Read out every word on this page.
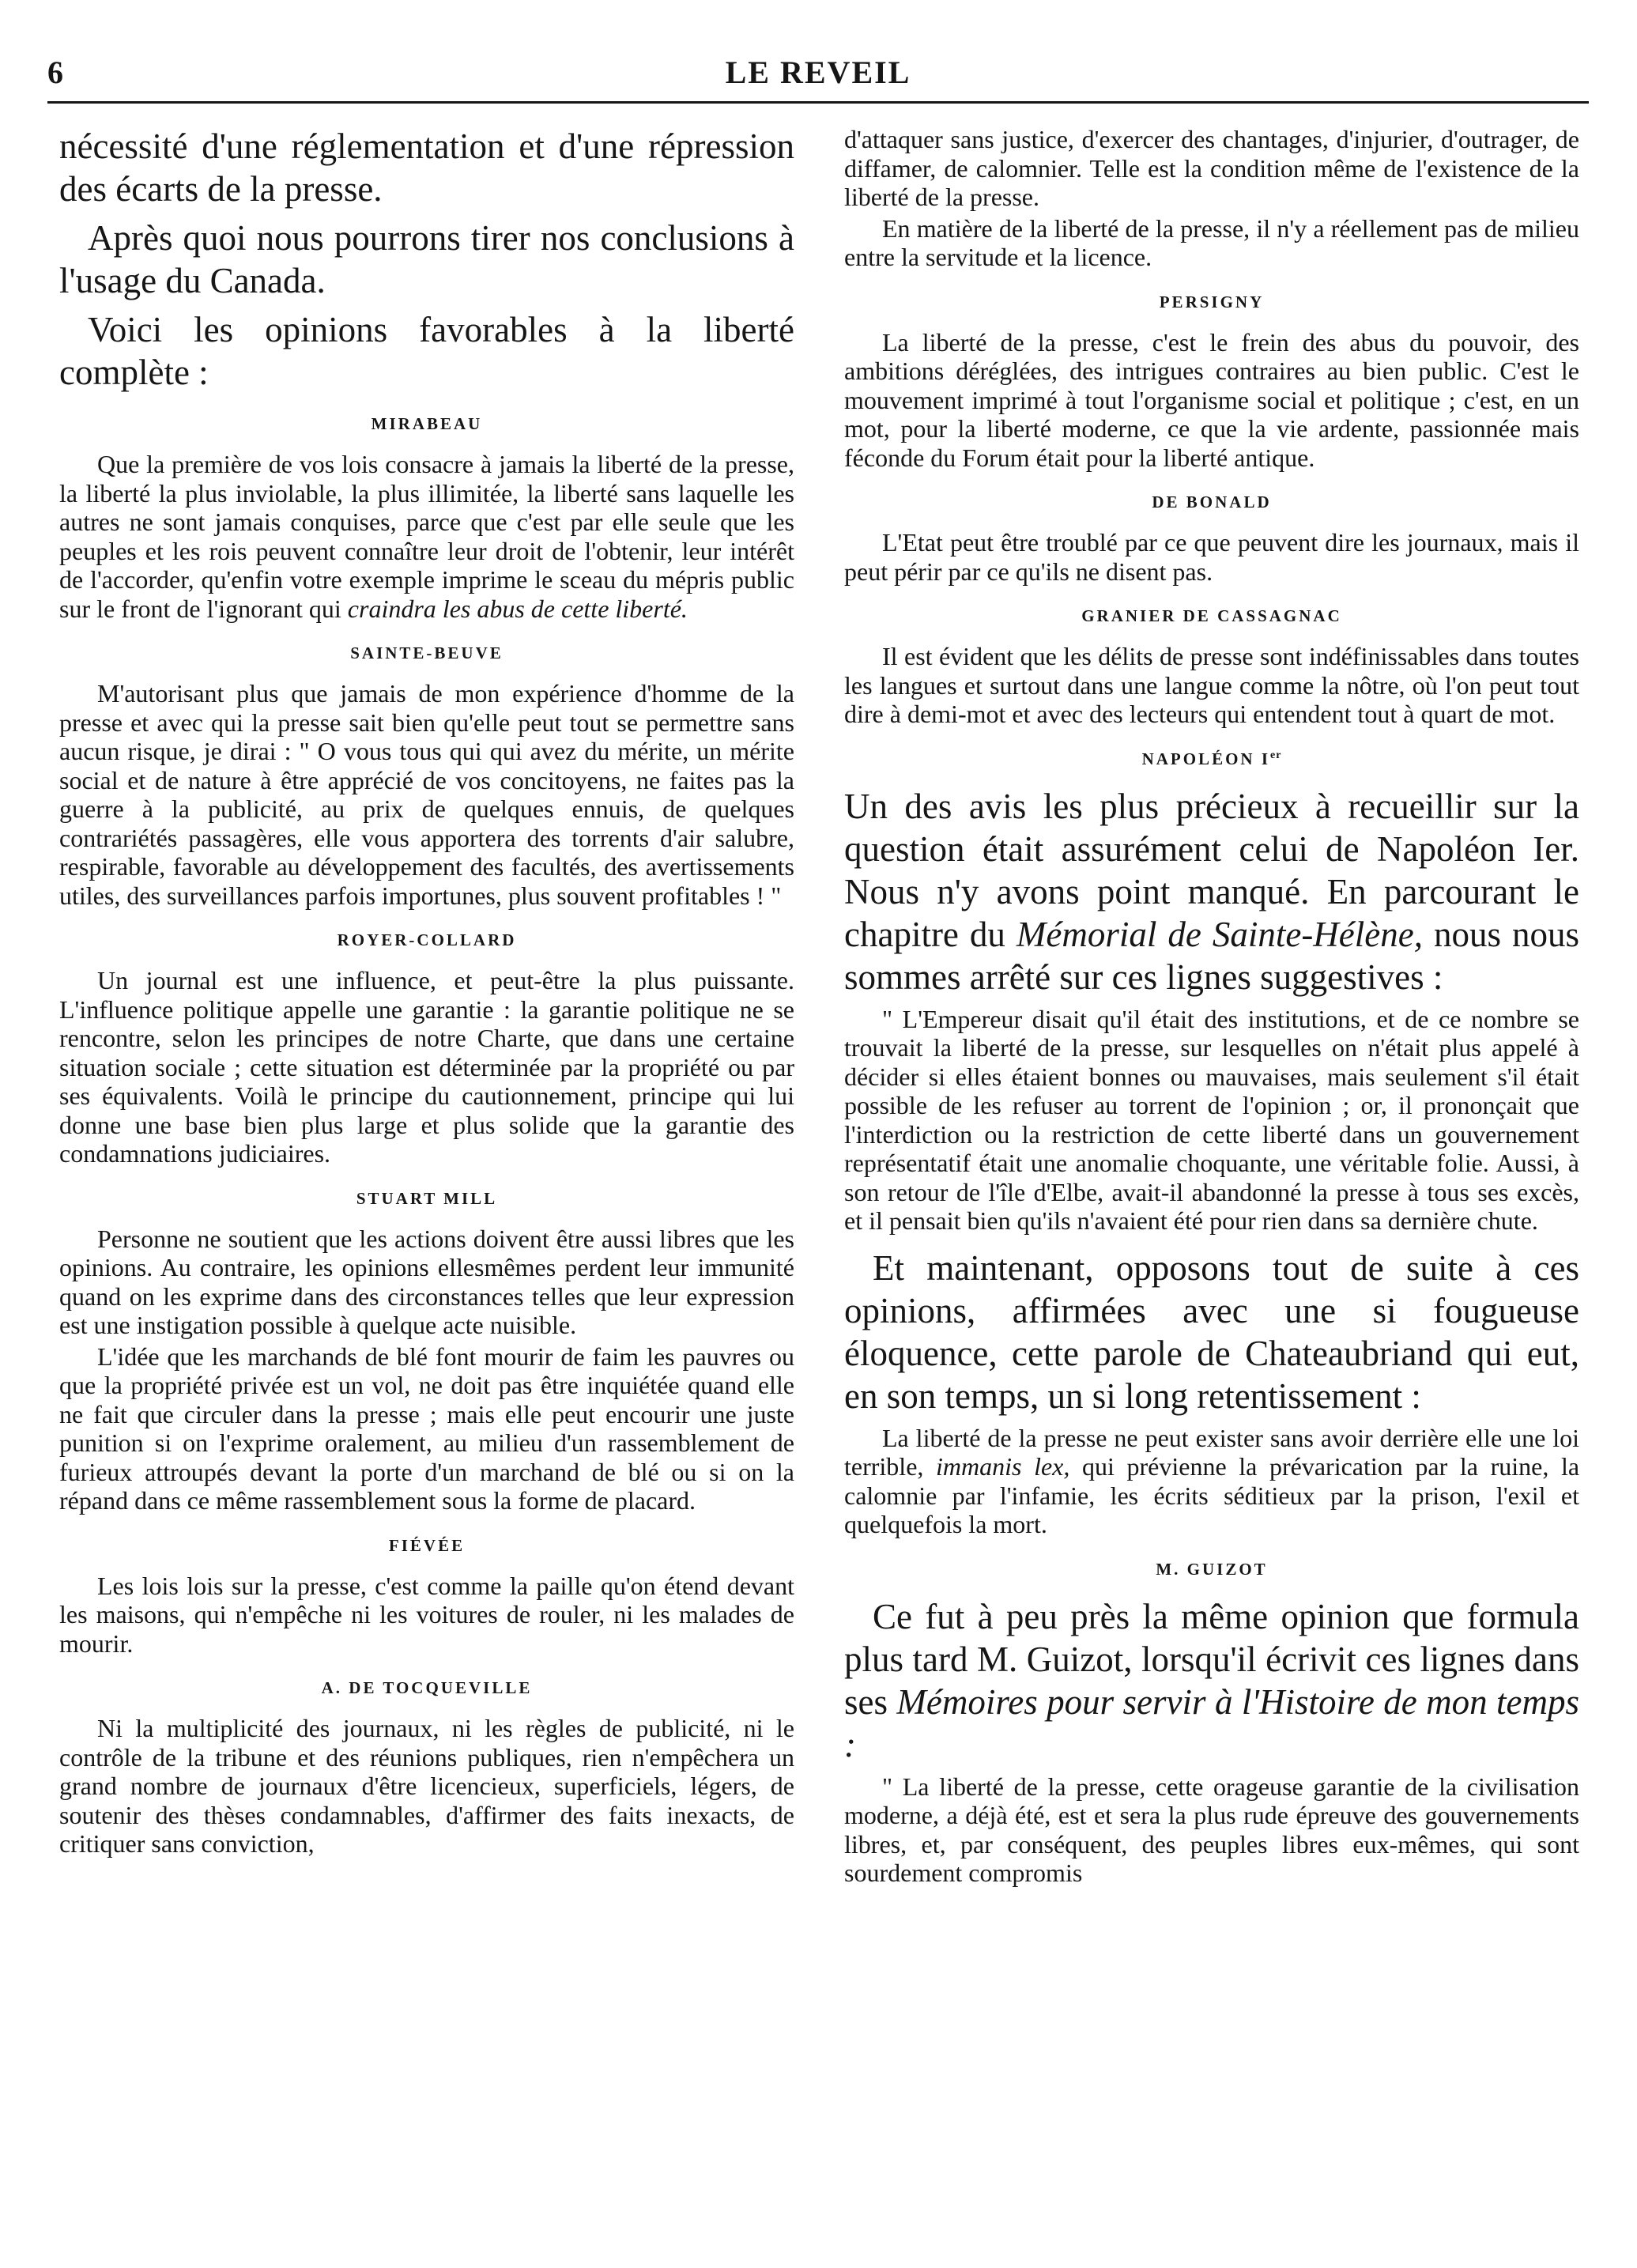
6	LE REVEIL

nécessité d'une réglementation et d'une répression des écarts de la presse.

Après quoi nous pourrons tirer nos conclusions à l'usage du Canada.

Voici les opinions favorables à la liberté complète :

MIRABEAU

Que la première de vos lois consacre à jamais la liberté de la presse, la liberté la plus inviolable, la plus illimitée, la liberté sans laquelle les autres ne sont jamais conquises, parce que c'est par elle seule que les peuples et les rois peuvent connaître leur droit de l'obtenir, leur intérêt de l'accorder, qu'enfin votre exemple imprime le sceau du mépris public sur le front de l'ignorant qui craindra les abus de cette liberté.

SAINTE-BEUVE

M'autorisant plus que jamais de mon expérience d'homme de la presse et avec qui la presse sait bien qu'elle peut tout se permettre sans aucun risque, je dirai : " O vous tous qui qui avez du mérite, un mérite social et de nature à être apprécié de vos concitoyens, ne faites pas la guerre à la publicité, au prix de quelques ennuis, de quelques contrariétés passagères, elle vous apportera des torrents d'air salubre, respirable, favorable au développement des facultés, des avertissements utiles, des surveillances parfois importunes, plus souvent profitables ! "

ROYER-COLLARD

Un journal est une influence, et peut-être la plus puissante. L'influence politique appelle une garantie : la garantie politique ne se rencontre, selon les principes de notre Charte, que dans une certaine situation sociale ; cette situation est déterminée par la propriété ou par ses équivalents. Voilà le principe du cautionnement, principe qui lui donne une base bien plus large et plus solide que la garantie des condamnations judiciaires.

STUART MILL

Personne ne soutient que les actions doivent être aussi libres que les opinions. Au contraire, les opinions ellesmêmes perdent leur immunité quand on les exprime dans des circonstances telles que leur expression est une instigation possible à quelque acte nuisible.

L'idée que les marchands de blé font mourir de faim les pauvres ou que la propriété privée est un vol, ne doit pas être inquiétée quand elle ne fait que circuler dans la presse ; mais elle peut encourir une juste punition si on l'exprime oralement, au milieu d'un rassemblement de furieux attroupés devant la porte d'un marchand de blé ou si on la répand dans ce même rassemblement sous la forme de placard.

FIÉVÉE

Les lois lois sur la presse, c'est comme la paille qu'on étend devant les maisons, qui n'empêche ni les voitures de rouler, ni les malades de mourir.

A. DE TOCQUEVILLE

Ni la multiplicité des journaux, ni les règles de publicité, ni le contrôle de la tribune et des réunions publiques, rien n'empêchera un grand nombre de journaux d'être licencieux, superficiels, légers, de soutenir des thèses condamnables, d'affirmer des faits inexacts, de critiquer sans conviction,

d'attaquer sans justice, d'exercer des chantages, d'injurier, d'outrager, de diffamer, de calomnier. Telle est la condition même de l'existence de la liberté de la presse.

En matière de la liberté de la presse, il n'y a réellement pas de milieu entre la servitude et la licence.

PERSIGNY

La liberté de la presse, c'est le frein des abus du pouvoir, des ambitions déréglées, des intrigues contraires au bien public. C'est le mouvement imprimé à tout l'organisme social et politique ; c'est, en un mot, pour la liberté moderne, ce que la vie ardente, passionnée mais féconde du Forum était pour la liberté antique.

DE BONALD

L'Etat peut être troublé par ce que peuvent dire les journaux, mais il peut périr par ce qu'ils ne disent pas.

GRANIER DE CASSAGNAC

Il est évident que les délits de presse sont indéfinissables dans toutes les langues et surtout dans une langue comme la nôtre, où l'on peut tout dire à demi-mot et avec des lecteurs qui entendent tout à quart de mot.

NAPOLÉON Ier

Un des avis les plus précieux à recueillir sur la question était assurément celui de Napoléon Ier. Nous n'y avons point manqué. En parcourant le chapitre du Mémorial de Sainte-Hélène, nous nous sommes arrêté sur ces lignes suggestives :

" L'Empereur disait qu'il était des institutions, et de ce nombre se trouvait la liberté de la presse, sur lesquelles on n'était plus appelé à décider si elles étaient bonnes ou mauvaises, mais seulement s'il était possible de les refuser au torrent de l'opinion ; or, il prononçait que l'interdiction ou la restriction de cette liberté dans un gouvernement représentatif était une anomalie choquante, une véritable folie. Aussi, à son retour de l'île d'Elbe, avait-il abandonné la presse à tous ses excès, et il pensait bien qu'ils n'avaient été pour rien dans sa dernière chute.

Et maintenant, opposons tout de suite à ces opinions, affirmées avec une si fougueuse éloquence, cette parole de Chateaubriand qui eut, en son temps, un si long retentissement :

La liberté de la presse ne peut exister sans avoir derrière elle une loi terrible, immanis lex, qui prévienne la prévarication par la ruine, la calomnie par l'infamie, les écrits séditieux par la prison, l'exil et quelquefois la mort.

M. GUIZOT

Ce fut à peu près la même opinion que formula plus tard M. Guizot, lorsqu'il écrivit ces lignes dans ses Mémoires pour servir à l'Histoire de mon temps :

" La liberté de la presse, cette orageuse garantie de la civilisation moderne, a déjà été, est et sera la plus rude épreuve des gouvernements libres, et, par conséquent, des peuples libres eux-mêmes, qui sont sourdement compromis
